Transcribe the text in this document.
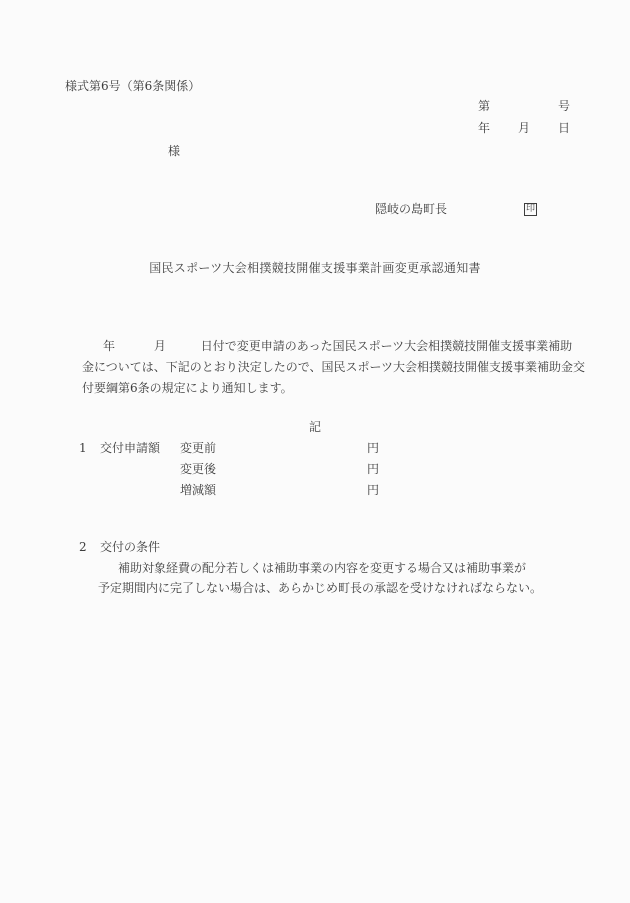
様式第6号（第6条関係）
第	号
年 月 日
様
隠岐の島町長	印
国民スポーツ大会相撲競技開催支援事業計画変更承認通知書
年	月	日付で変更申請のあった国民スポーツ大会相撲競技開催支援事業補助
金については、下記のとおり決定したので、国民スポーツ大会相撲競技開催支援事業補助金交
付要綱第6条の規定により通知します。
記
1 交付申請額 変更前	円
変更後	円
増減額	円
2 交付の条件
補助対象経費の配分若しくは補助事業の内容を変更する場合又は補助事業が
予定期間内に完了しない場合は、あらかじめ町長の承認を受けなければならない。
